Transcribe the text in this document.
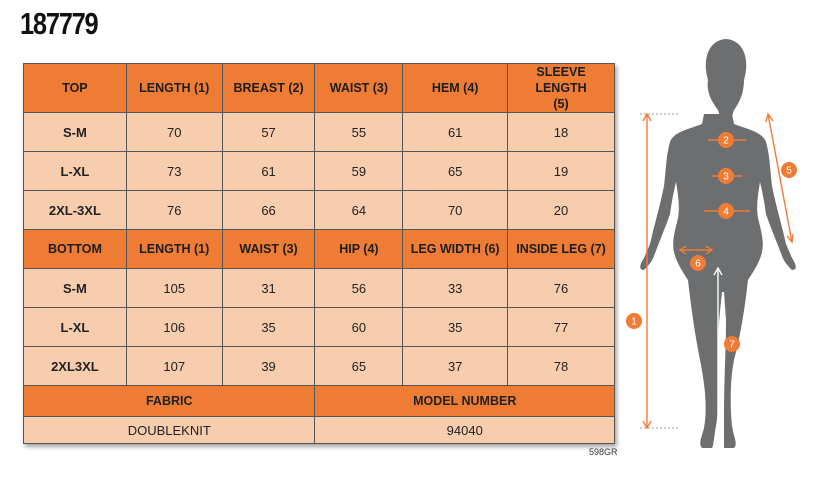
187779
TOP	LENGTH (1)	BREAST (2)	WAIST (3)	HEM (4)	SLEEVE LENGTH (5)
S-M	70	57	55	61	18
L-XL	73	61	59	65	19
2XL-3XL	76	66	64	70	20
BOTTOM	LENGTH (1)	WAIST (3)	HIP (4)	LEG WIDTH (6)	INSIDE LEG (7)
S-M	105	31	56	33	76
L-XL	106	35	60	35	77
2XL3XL	107	39	65	37	78
FABRIC			MODEL NUMBER		
DOUBLEKNIT			94040		
598GR
1
2
3
4
5
6
7
